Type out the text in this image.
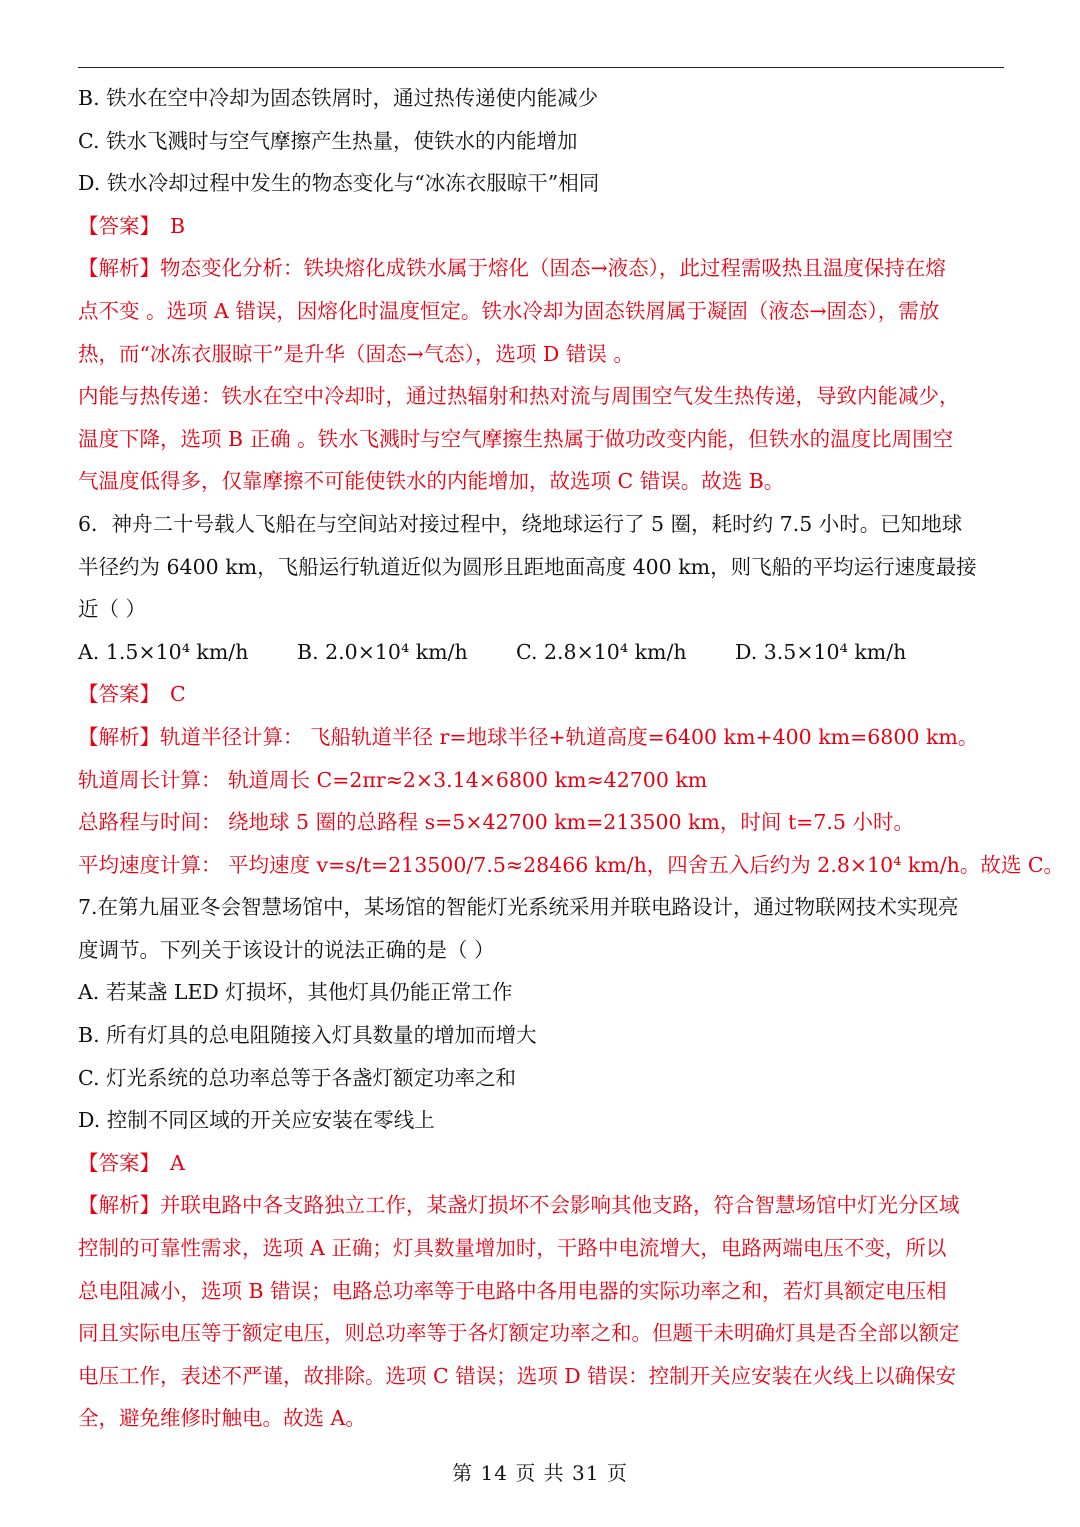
B. 铁水在空中冷却为固态铁屑时，通过热传递使内能减少
C. 铁水飞溅时与空气摩擦产生热量，使铁水的内能增加
D. 铁水冷却过程中发生的物态变化与“冰冻衣服晾干”相同
【答案】 B
【解析】物态变化分析：铁块熔化成铁水属于熔化（固态→液态），此过程需吸热且温度保持在熔
点不变 。选项 A 错误，因熔化时温度恒定。铁水冷却为固态铁屑属于凝固（液态→固态），需放
热，而“冰冻衣服晾干”是升华（固态→气态），选项 D 错误 。
内能与热传递：铁水在空中冷却时，通过热辐射和热对流与周围空气发生热传递，导致内能减少，
温度下降，选项 B 正确 。铁水飞溅时与空气摩擦生热属于做功改变内能，但铁水的温度比周围空
气温度低得多，仅靠摩擦不可能使铁水的内能增加，故选项 C 错误。故选 B。
6．神舟二十号载人飞船在与空间站对接过程中，绕地球运行了 5 圈，耗时约 7.5 小时。已知地球
半径约为 6400 km，飞船运行轨道近似为圆形且距地面高度 400 km，则飞船的平均运行速度最接
近（ ）
A. 1.5×10⁴ km/h	B. 2.0×10⁴ km/h	C. 2.8×10⁴ km/h	D. 3.5×10⁴ km/h
【答案】 C
【解析】轨道半径计算： 飞船轨道半径 r=地球半径+轨道高度=6400 km+400 km=6800 km。
轨道周长计算： 轨道周长 C=2πr≈2×3.14×6800 km≈42700 km
总路程与时间： 绕地球 5 圈的总路程 s=5×42700 km=213500 km，时间 t=7.5 小时。
平均速度计算： 平均速度 v=s/t=213500/7.5≈28466 km/h，四舍五入后约为 2.8×10⁴ km/h。故选 C。
7.在第九届亚冬会智慧场馆中，某场馆的智能灯光系统采用并联电路设计，通过物联网技术实现亮
度调节。下列关于该设计的说法正确的是（ ）
A. 若某盏 LED 灯损坏，其他灯具仍能正常工作
B. 所有灯具的总电阻随接入灯具数量的增加而增大
C. 灯光系统的总功率总等于各盏灯额定功率之和
D. 控制不同区域的开关应安装在零线上
【答案】 A
【解析】并联电路中各支路独立工作，某盏灯损坏不会影响其他支路，符合智慧场馆中灯光分区域
控制的可靠性需求，选项 A 正确；灯具数量增加时，干路中电流增大，电路两端电压不变，所以
总电阻减小，选项 B 错误；电路总功率等于电路中各用电器的实际功率之和，若灯具额定电压相
同且实际电压等于额定电压，则总功率等于各灯额定功率之和。但题干未明确灯具是否全部以额定
电压工作，表述不严谨，故排除。选项 C 错误；选项 D 错误：控制开关应安装在火线上以确保安
全，避免维修时触电。故选 A。
第 14 页 共 31 页
